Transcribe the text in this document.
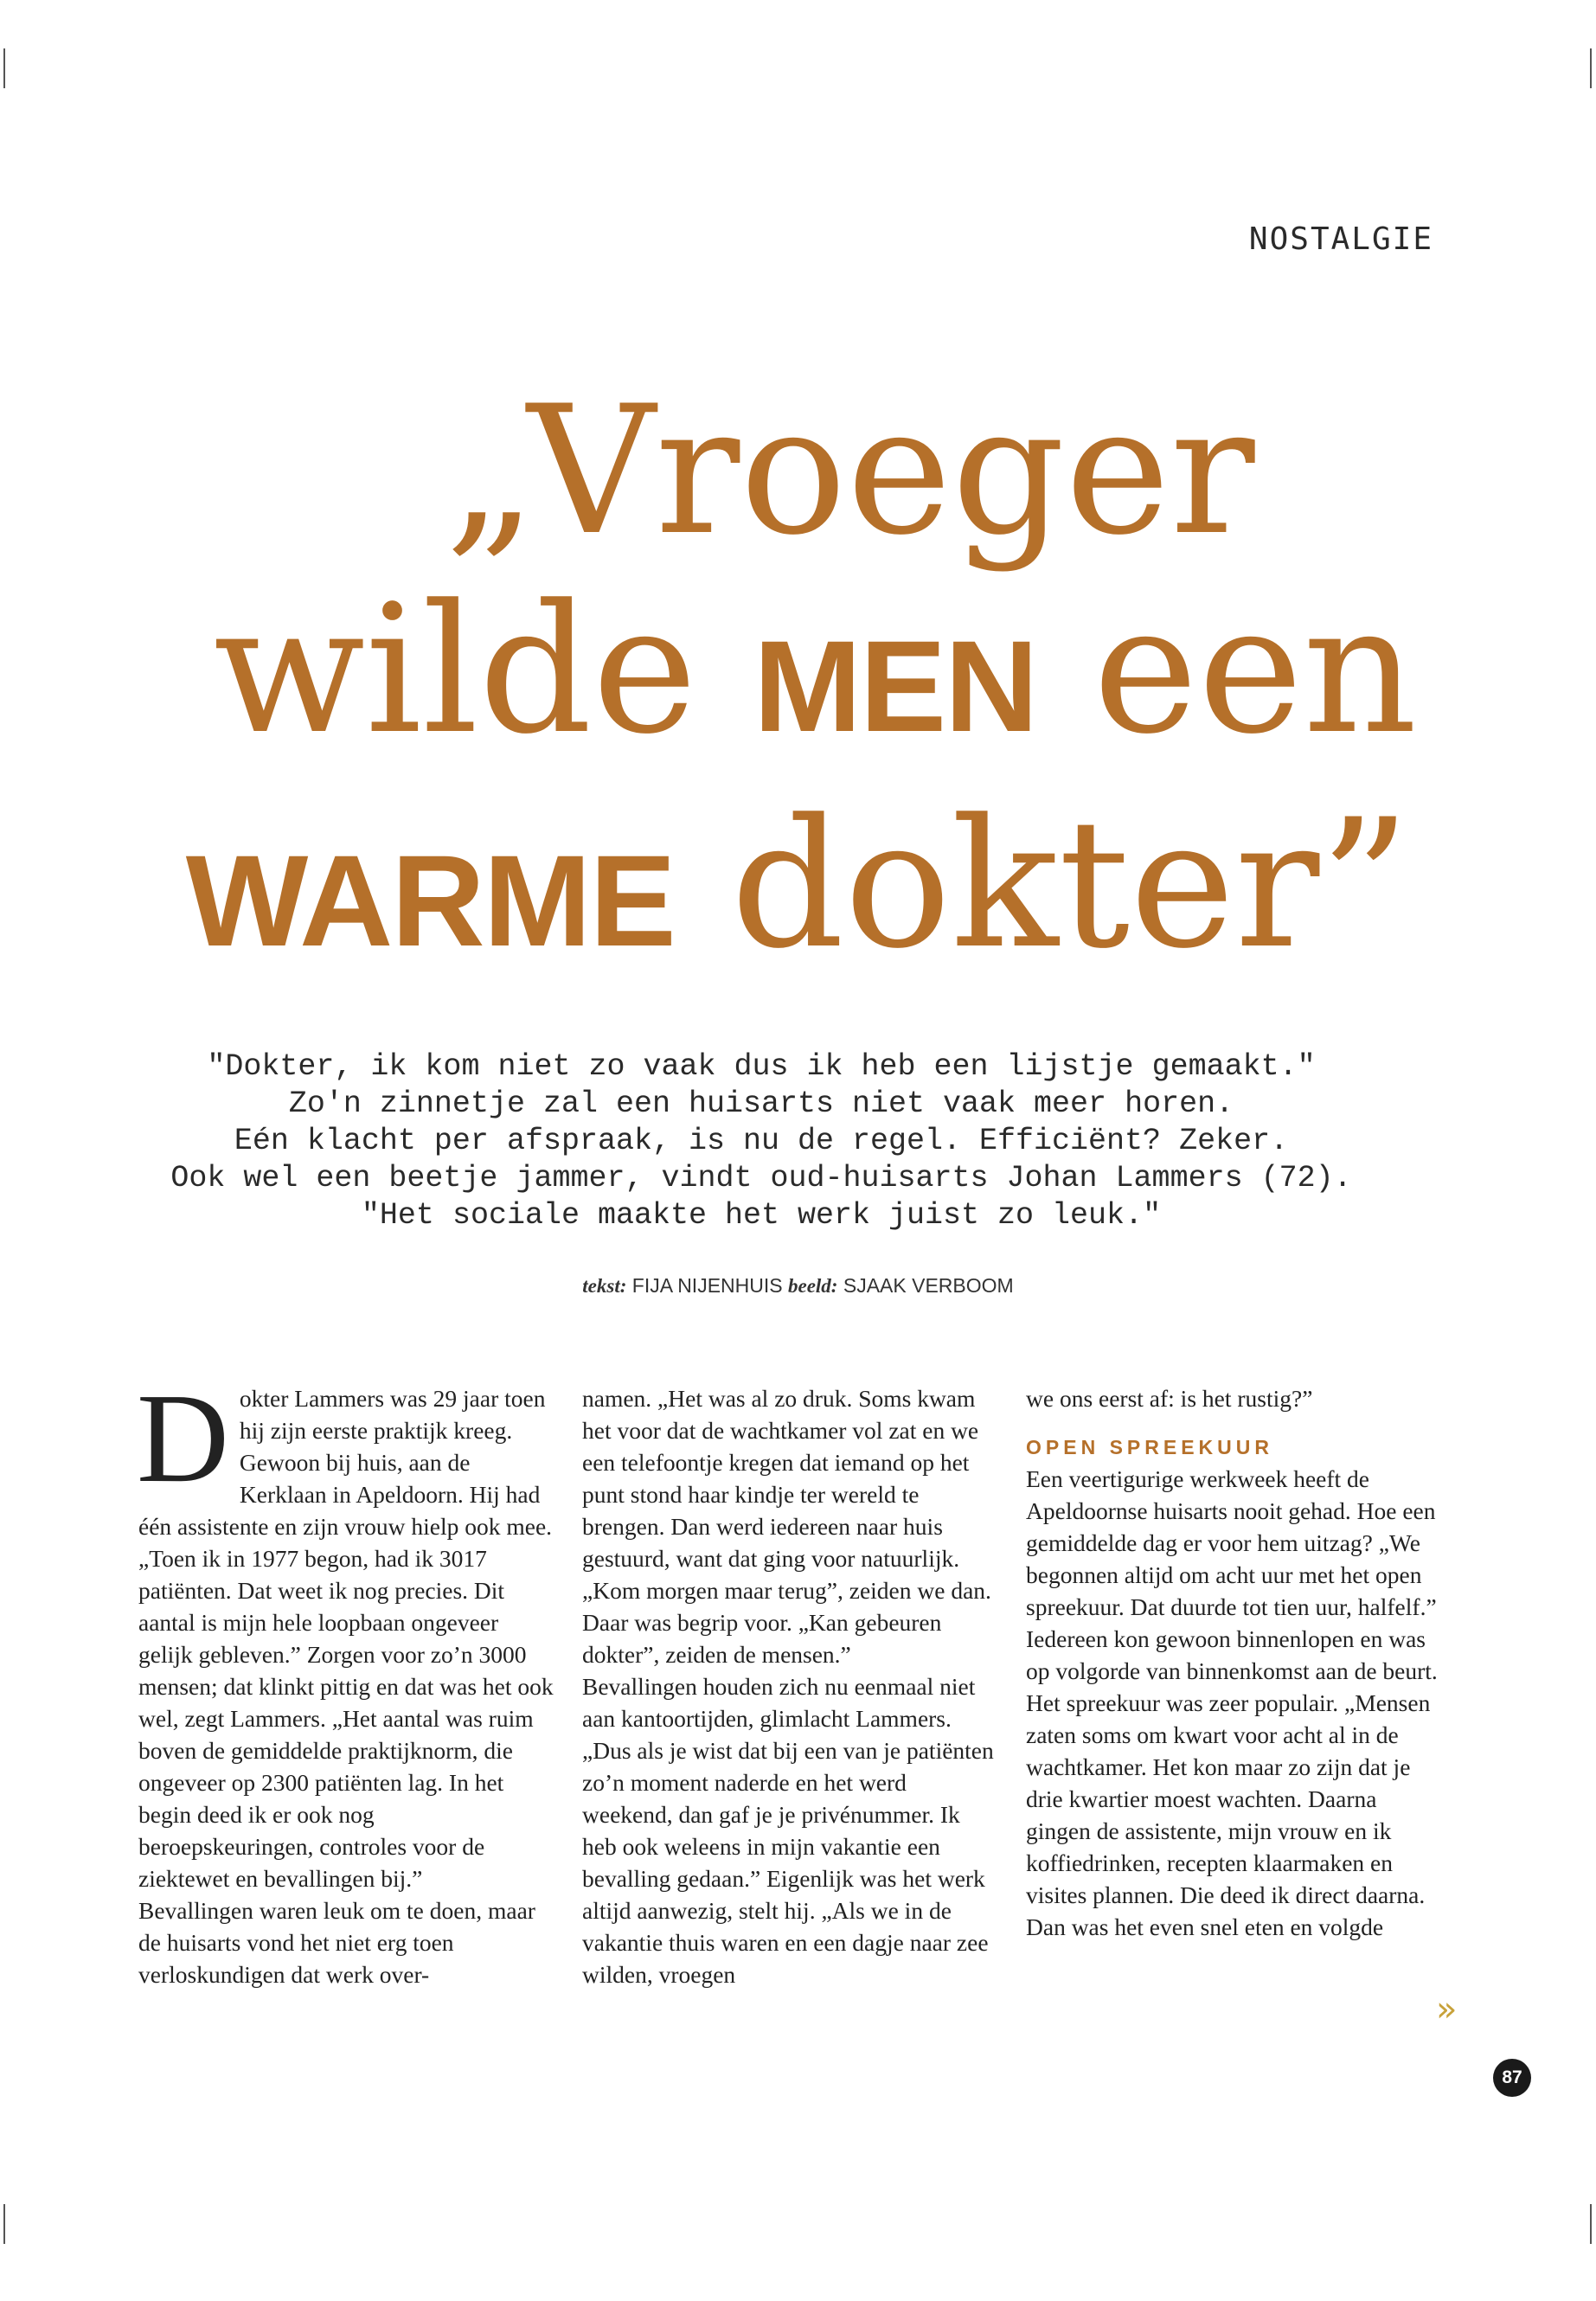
NOSTALGIE
„Vroeger
wilde MEN een
WARME dokter”
"Dokter, ik kom niet zo vaak dus ik heb een lijstje gemaakt."
Zo'n zinnetje zal een huisarts niet vaak meer horen.
Eén klacht per afspraak, is nu de regel. Efficiënt? Zeker.
Ook wel een beetje jammer, vindt oud-huisarts Johan Lammers (72).
"Het sociale maakte het werk juist zo leuk."
tekst: FIJA NIJENHUIS beeld: SJAAK VERBOOM

Dokter Lammers was 29 jaar toen hij zijn eerste praktijk kreeg. Gewoon bij huis, aan de Kerklaan in Apeldoorn. Hij had één assistente en zijn vrouw hielp ook mee. „Toen ik in 1977 begon, had ik 3017 patiënten. Dat weet ik nog precies. Dit aantal is mijn hele loopbaan ongeveer gelijk gebleven.” Zorgen voor zo’n 3000 mensen; dat klinkt pittig en dat was het ook wel, zegt Lammers. „Het aantal was ruim boven de gemiddelde praktijknorm, die ongeveer op 2300 patiënten lag. In het begin deed ik er ook nog beroepskeuringen, controles voor de ziektewet en bevallingen bij.”

Bevallingen waren leuk om te doen, maar de huisarts vond het niet erg toen verloskundigen dat werk over-

namen. „Het was al zo druk. Soms kwam het voor dat de wachtkamer vol zat en we een telefoontje kregen dat iemand op het punt stond haar kindje ter wereld te brengen. Dan werd iedereen naar huis gestuurd, want dat ging voor natuurlijk. „Kom morgen maar terug”, zeiden we dan. Daar was begrip voor. „Kan gebeuren dokter”, zeiden de mensen.”

Bevallingen houden zich nu eenmaal niet aan kantoortijden, glimlacht Lammers. „Dus als je wist dat bij een van je patiënten zo’n moment naderde en het werd weekend, dan gaf je je privénummer. Ik heb ook weleens in mijn vakantie een bevalling gedaan.” Eigenlijk was het werk altijd aanwezig, stelt hij. „Als we in de vakantie thuis waren en een dagje naar zee wilden, vroegen

we ons eerst af: is het rustig?”

OPEN SPREEKUUR

Een veertigurige werkweek heeft de Apeldoornse huisarts nooit gehad. Hoe een gemiddelde dag er voor hem uitzag? „We begonnen altijd om acht uur met het open spreekuur. Dat duurde tot tien uur, halfelf.” Iedereen kon gewoon binnenlopen en was op volgorde van binnenkomst aan de beurt. Het spreekuur was zeer populair. „Mensen zaten soms om kwart voor acht al in de wachtkamer. Het kon maar zo zijn dat je drie kwartier moest wachten. Daarna gingen de assistente, mijn vrouw en ik koffiedrinken, recepten klaarmaken en visites plannen. Die deed ik direct daarna. Dan was het even snel eten en volgde

»
87
